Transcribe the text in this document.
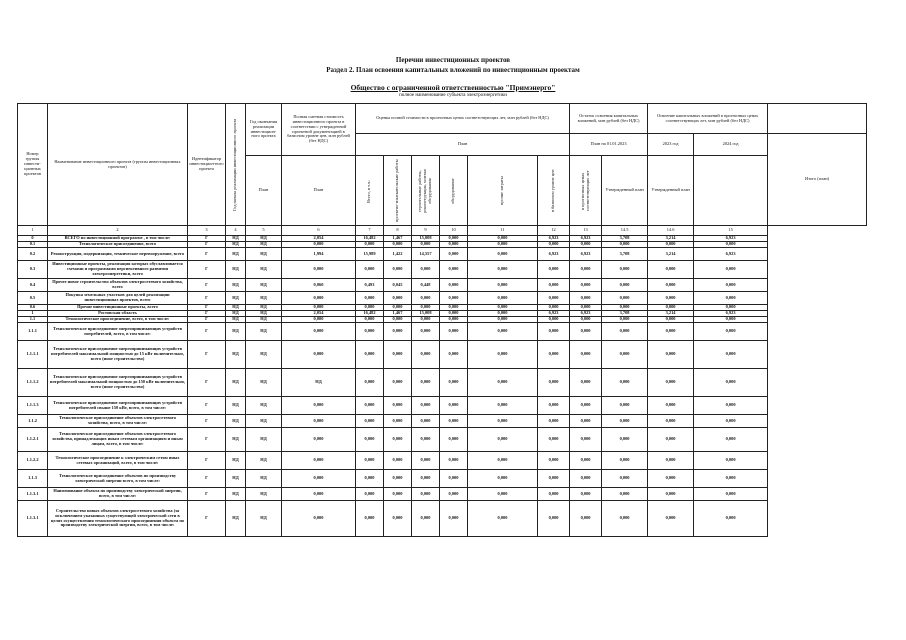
Перечни инвестиционных проектов
Раздел 2. План освоения капитальных вложений по инвестиционным проектам
Общество с ограниченной ответственностью "Примэнерго"
полное наименование субъекта электроэнергетики
Номер группы инвести-ционных проектов	Наименование инвестиционного проекта (группы инвестиционных проектов)	Идентификатор инвестицион-ного проекта	Год начала реализации инвестиционного проекта	Год окончания реализации инвестицион-ного проекта	Полная сметная стоимость инвестиционного проекта в соответствии с утвержденной проектной документацией в базисном уровне цен, млн рублей (без НДС)	Оценка полной стоимости в прогнозных ценах соответствующих лет, млн рублей (без НДС)						Остаток освоения капитальных вложений, млн рублей (без НДС)		Освоение капитальных вложений в прогнозных ценах соответствующих лет, млн рублей (без НДС)		
						План						План на 01.01.2023		2023 год	2024 год	Итого (план)
				План	План	Всего, в т.ч.:	проектно-изыскательские работы	строительные работы, реконструкция, монтаж оборудования	оборудование	прочие затраты	в базисном уровне цен	в прогнозных ценах соответствующих лет	Утвержденный план	Утвержденный план		
1	2	3	4	5	6	7	8	9	10	11	12	13	14.5	14.6	15	
0	ВСЕГО по инвестиционной программе , в том числе:	Г	НД	НД	2,054	16,482	1,467	15,008	0,000	0,000	6,923	6,923	3,708	3,214	6,923	
0.1	Технологическое присоединение, всего	Г	НД	НД	0,000	0,000	0,000	0,000	0,000	0,000	0,000	0,000	0,000	0,000	0,000	
0.2	Реконструкция, модернизация, техническое перевооружение, всего	Г	НД	НД	1,994	15,989	1,422	14,557	0,000	0,000	6,923	6,923	3,708	3,214	6,923	
0.3	Инвестиционные проекты, реализация которых обуславливается схемами и программами перспективного развития электроэнергетики, всего	Г	НД	НД	0,000	0,000	0,000	0,000	0,000	0,000	0,000	0,000	0,000	0,000	0,000	
0.4	Прочее новое строительство объектов электросетевого хозяйства, всего	Г	НД	НД	0,060	0,493	0,045	0,448	0,000	0,000	0,000	0,000	0,000	0,000	0,000	
0.5	Покупка земельных участков для целей реализации инвестиционных проектов, всего	Г	НД	НД	0,000	0,000	0,000	0,000	0,000	0,000	0,000	0,000	0,000	0,000	0,000	
0.6	Прочие инвестиционные проекты, всего	Г	НД	НД	0,000	0,000	0,000	0,000	0,000	0,000	0,000	0,000	0,000	0,000	0,000	
1	Ростовская область	Г	НД	НД	2,054	16,482	1,467	15,008	0,000	0,000	6,923	6,923	3,708	3,214	6,923	
1.1	Технологическое присоединение, всего, в том числе:	Г	НД	НД	0,000	0,000	0,000	0,000	0,000	0,000	0,000	0,000	0,000	0,000	0,000	
1.1.1	Технологическое присоединение энергопринимающих устройств потребителей, всего, в том числе:	Г	НД	НД	0,000	0,000	0,000	0,000	0,000	0,000	0,000	0,000	0,000	0,000	0,000	
1.1.1.1	Технологическое присоединение энергопринимающих устройств потребителей максимальной мощностью до 15 кВт включительно, всего (иное строительство)	Г	НД	НД	0,000	0,000	0,000	0,000	0,000	0,000	0,000	0,000	0,000	0,000	0,000	
1.1.1.2	Технологическое присоединение энергопринимающих устройств потребителей максимальной мощностью до 150 кВт включительно, всего (иное строительство)	Г	НД	НД	НД	0,000	0,000	0,000	0,000	0,000	0,000	0,000	0,000	0,000	0,000	
1.1.1.3	Технологическое присоединение энергопринимающих устройств потребителей свыше 150 кВт, всего, в том числе:	Г	НД	НД	0,000	0,000	0,000	0,000	0,000	0,000	0,000	0,000	0,000	0,000	0,000	
1.1.2	Технологическое присоединение объектов электросетевого хозяйства, всего, в том числе:	Г	НД	НД	0,000	0,000	0,000	0,000	0,000	0,000	0,000	0,000	0,000	0,000	0,000	
1.1.2.1	Технологическое присоединение объектов электросетевого хозяйства, принадлежащих иным сетевым организациям и иным лицам, всего, в том числе:	Г	НД	НД	0,000	0,000	0,000	0,000	0,000	0,000	0,000	0,000	0,000	0,000	0,000	
1.1.2.2	Технологическое присоединение к электрическим сетям иных сетевых организаций, всего, в том числе:	Г	НД	НД	0,000	0,000	0,000	0,000	0,000	0,000	0,000	0,000	0,000	0,000	0,000	
1.1.3	Технологическое присоединение объектов по производству электрической энергии всего, в том числе:	Г	НД	НД	0,000	0,000	0,000	0,000	0,000	0,000	0,000	0,000	0,000	0,000	0,000	
1.1.3.1	Наименование объекта по производству электрической энергии, всего, в том числе:	Г	НД	НД	0,000	0,000	0,000	0,000	0,000	0,000	0,000	0,000	0,000	0,000	0,000	
1.1.3.1	Строительство новых объектов электросетевого хозяйства (за исключением указанных существующей электрической сети в целях осуществления технологического присоединения объекта по производству электрической энергии, всего, в том числе:	Г	НД	НД	0,000	0,000	0,000	0,000	0,000	0,000	0,000	0,000	0,000	0,000	0,000	
